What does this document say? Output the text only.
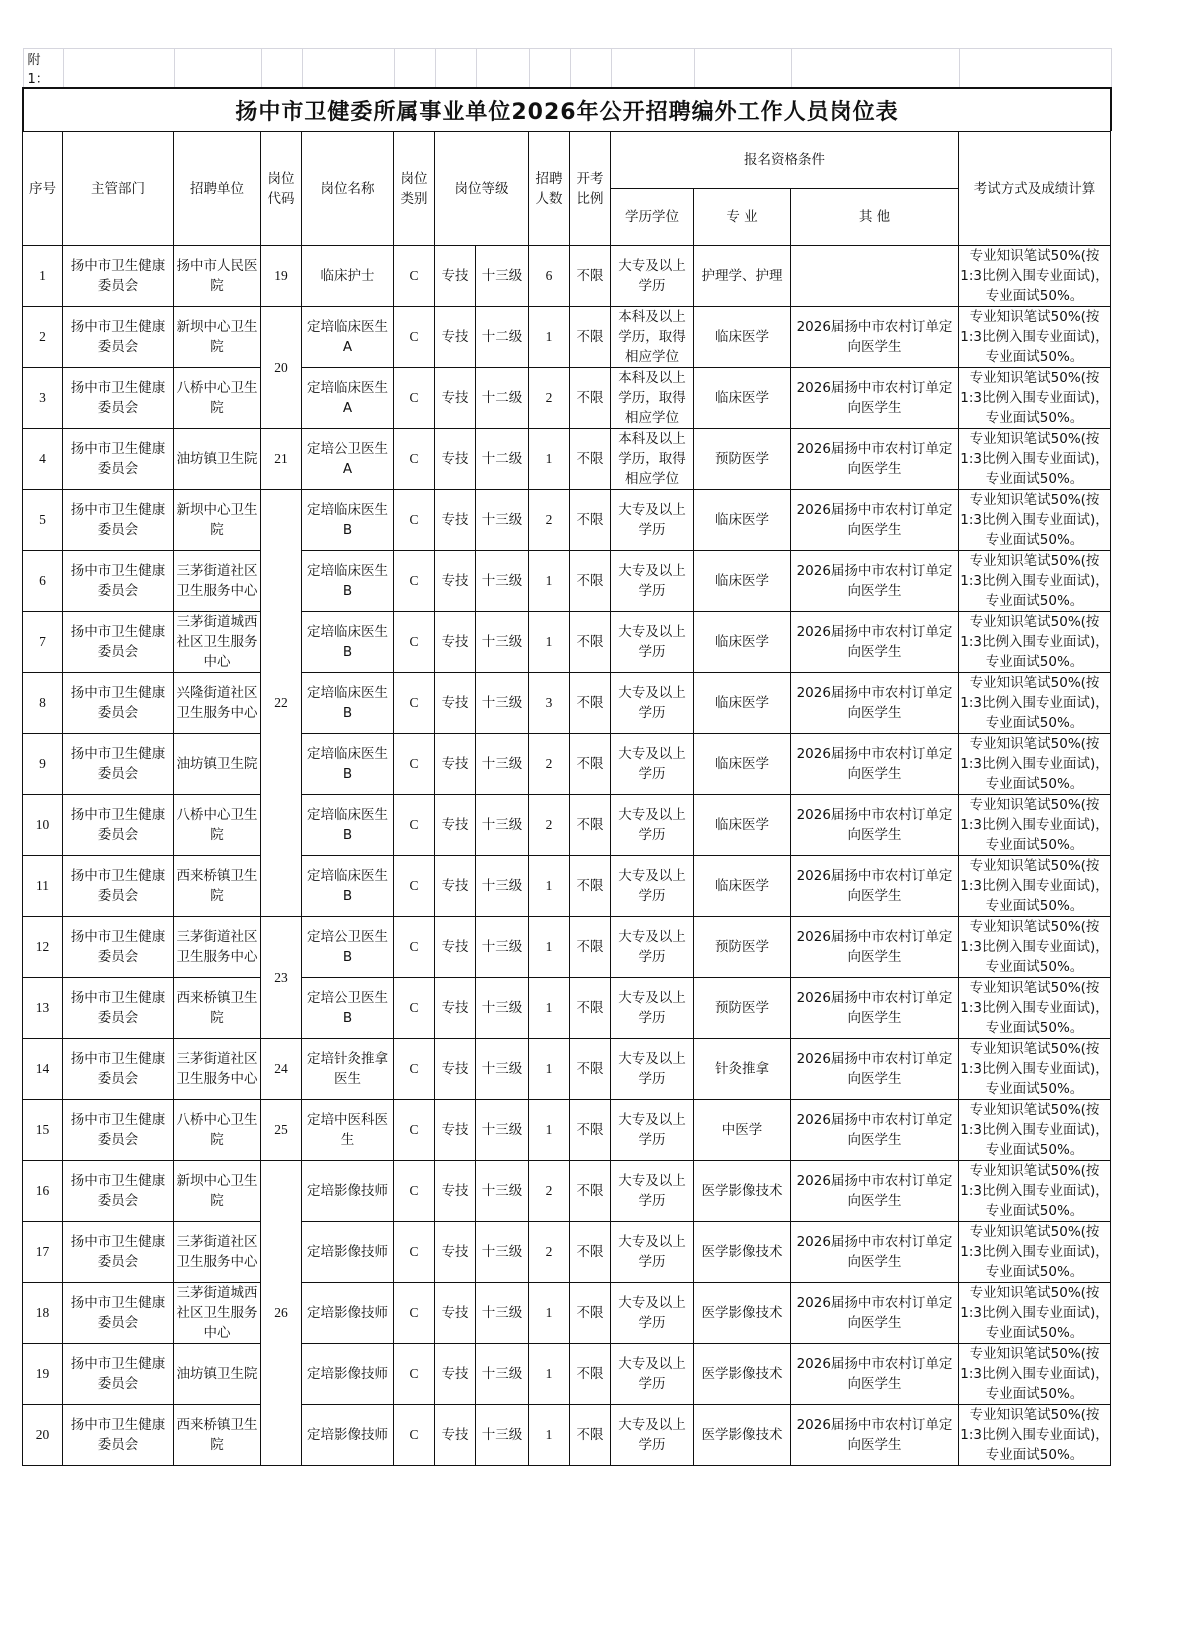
附1：													
扬中市卫健委所属事业单位2026年公开招聘编外工作人员岗位表
序号	主管部门	招聘单位	岗位代码	岗位名称	岗位类别	岗位等级		招聘人数	开考比例	报名资格条件			考试方式及成绩计算
										学历学位	专 业	其 他	
1	扬中市卫生健康委员会	扬中市人民医院	19	临床护士	C	专技	十三级	6	不限	大专及以上学历	护理学、护理		专业知识笔试50%(按1:3比例入围专业面试)，专业面试50%。
2	扬中市卫生健康委员会	新坝中心卫生院	20	定培临床医生A	C	专技	十二级	1	不限	本科及以上学历，取得相应学位	临床医学	2026届扬中市农村订单定向医学生	专业知识笔试50%(按1:3比例入围专业面试)，专业面试50%。
3	扬中市卫生健康委员会	八桥中心卫生院		定培临床医生A	C	专技	十二级	2	不限	本科及以上学历，取得相应学位	临床医学	2026届扬中市农村订单定向医学生	专业知识笔试50%(按1:3比例入围专业面试)，专业面试50%。
4	扬中市卫生健康委员会	油坊镇卫生院	21	定培公卫医生A	C	专技	十二级	1	不限	本科及以上学历，取得相应学位	预防医学	2026届扬中市农村订单定向医学生	专业知识笔试50%(按1:3比例入围专业面试)，专业面试50%。
5	扬中市卫生健康委员会	新坝中心卫生院	22	定培临床医生B	C	专技	十三级	2	不限	大专及以上学历	临床医学	2026届扬中市农村订单定向医学生	专业知识笔试50%(按1:3比例入围专业面试)，专业面试50%。
6	扬中市卫生健康委员会	三茅街道社区卫生服务中心		定培临床医生B	C	专技	十三级	1	不限	大专及以上学历	临床医学	2026届扬中市农村订单定向医学生	专业知识笔试50%(按1:3比例入围专业面试)，专业面试50%。
7	扬中市卫生健康委员会	三茅街道城西社区卫生服务中心		定培临床医生B	C	专技	十三级	1	不限	大专及以上学历	临床医学	2026届扬中市农村订单定向医学生	专业知识笔试50%(按1:3比例入围专业面试)，专业面试50%。
8	扬中市卫生健康委员会	兴隆街道社区卫生服务中心		定培临床医生B	C	专技	十三级	3	不限	大专及以上学历	临床医学	2026届扬中市农村订单定向医学生	专业知识笔试50%(按1:3比例入围专业面试)，专业面试50%。
9	扬中市卫生健康委员会	油坊镇卫生院		定培临床医生B	C	专技	十三级	2	不限	大专及以上学历	临床医学	2026届扬中市农村订单定向医学生	专业知识笔试50%(按1:3比例入围专业面试)，专业面试50%。
10	扬中市卫生健康委员会	八桥中心卫生院		定培临床医生B	C	专技	十三级	2	不限	大专及以上学历	临床医学	2026届扬中市农村订单定向医学生	专业知识笔试50%(按1:3比例入围专业面试)，专业面试50%。
11	扬中市卫生健康委员会	西来桥镇卫生院		定培临床医生B	C	专技	十三级	1	不限	大专及以上学历	临床医学	2026届扬中市农村订单定向医学生	专业知识笔试50%(按1:3比例入围专业面试)，专业面试50%。
12	扬中市卫生健康委员会	三茅街道社区卫生服务中心	23	定培公卫医生B	C	专技	十三级	1	不限	大专及以上学历	预防医学	2026届扬中市农村订单定向医学生	专业知识笔试50%(按1:3比例入围专业面试)，专业面试50%。
13	扬中市卫生健康委员会	西来桥镇卫生院		定培公卫医生B	C	专技	十三级	1	不限	大专及以上学历	预防医学	2026届扬中市农村订单定向医学生	专业知识笔试50%(按1:3比例入围专业面试)，专业面试50%。
14	扬中市卫生健康委员会	三茅街道社区卫生服务中心	24	定培针灸推拿医生	C	专技	十三级	1	不限	大专及以上学历	针灸推拿	2026届扬中市农村订单定向医学生	专业知识笔试50%(按1:3比例入围专业面试)，专业面试50%。
15	扬中市卫生健康委员会	八桥中心卫生院	25	定培中医科医生	C	专技	十三级	1	不限	大专及以上学历	中医学	2026届扬中市农村订单定向医学生	专业知识笔试50%(按1:3比例入围专业面试)，专业面试50%。
16	扬中市卫生健康委员会	新坝中心卫生院	26	定培影像技师	C	专技	十三级	2	不限	大专及以上学历	医学影像技术	2026届扬中市农村订单定向医学生	专业知识笔试50%(按1:3比例入围专业面试)，专业面试50%。
17	扬中市卫生健康委员会	三茅街道社区卫生服务中心		定培影像技师	C	专技	十三级	2	不限	大专及以上学历	医学影像技术	2026届扬中市农村订单定向医学生	专业知识笔试50%(按1:3比例入围专业面试)，专业面试50%。
18	扬中市卫生健康委员会	三茅街道城西社区卫生服务中心		定培影像技师	C	专技	十三级	1	不限	大专及以上学历	医学影像技术	2026届扬中市农村订单定向医学生	专业知识笔试50%(按1:3比例入围专业面试)，专业面试50%。
19	扬中市卫生健康委员会	油坊镇卫生院		定培影像技师	C	专技	十三级	1	不限	大专及以上学历	医学影像技术	2026届扬中市农村订单定向医学生	专业知识笔试50%(按1:3比例入围专业面试)，专业面试50%。
20	扬中市卫生健康委员会	西来桥镇卫生院		定培影像技师	C	专技	十三级	1	不限	大专及以上学历	医学影像技术	2026届扬中市农村订单定向医学生	专业知识笔试50%(按1:3比例入围专业面试)，专业面试50%。
